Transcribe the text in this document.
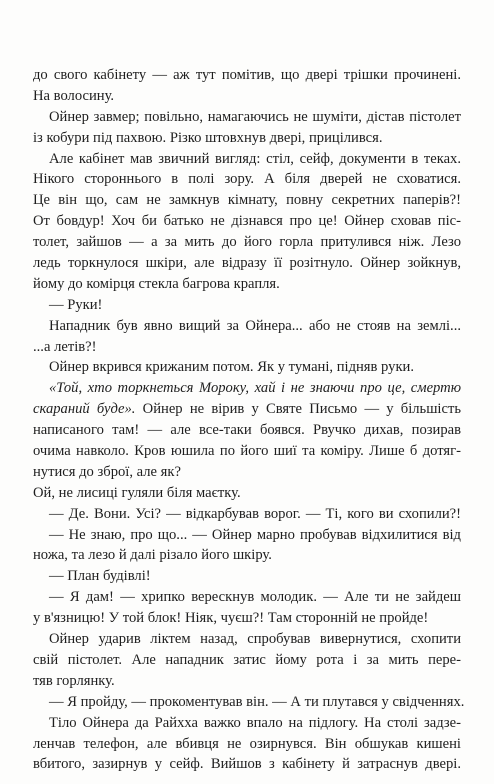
до свого кабінету — аж тут помітив, що двері трішки прочинені.
На волосину.
Ойнер завмер; повільно, намагаючись не шуміти, дістав пістолет
із кобури під пахвою. Різко штовхнув двері, прицілився.
Але кабінет мав звичний вигляд: стіл, сейф, документи в теках.
Нікого стороннього в полі зору. А біля дверей не сховатися.
Це він що, сам не замкнув кімнату, повну секретних паперів?!
От бовдур! Хоч би батько не дізнався про це! Ойнер сховав піс-
толет, зайшов — а за мить до його горла притулився ніж. Лезо
ледь торкнулося шкіри, але відразу її розітнуло. Ойнер зойкнув,
йому до комірця стекла багрова крапля.
— Руки!
Нападник був явно вищий за Ойнера... або не стояв на землі...
...а летів?!
Ойнер вкрився крижаним потом. Як у тумані, підняв руки.
«Той, хто торкнеться Мороку, хай і не знаючи про це, смертю
скараний буде». Ойнер не вірив у Святе Письмо — у більшість
написаного там! — але все-таки боявся. Рвучко дихав, позирав
очима навколо. Кров юшила по його шиї та коміру. Лише б дотяг-
нутися до зброї, але як?
Ой, не лисиці гуляли біля маєтку.
— Де. Вони. Усі? — відкарбував ворог. — Ті, кого ви схопили?!
— Не знаю, про що... — Ойнер марно пробував відхилитися від
ножа, та лезо й далі різало його шкіру.
— План будівлі!
— Я дам! — хрипко верескнув молодик. — Але ти не зайдеш
у в'язницю! У той блок! Ніяк, чуєш?! Там сторонній не пройде!
Ойнер ударив ліктем назад, спробував вивернутися, схопити
свій пістолет. Але нападник затис йому рота і за мить пере-
тяв горлянку.
— Я пройду, — прокоментував він. — А ти плутався у свідченнях.
Тіло Ойнера да Райхха важко впало на підлогу. На столі задзе-
ленчав телефон, але вбивця не озирнувся. Він обшукав кишені
вбитого, зазирнув у сейф. Вийшов з кабінету й затраснув двері.
